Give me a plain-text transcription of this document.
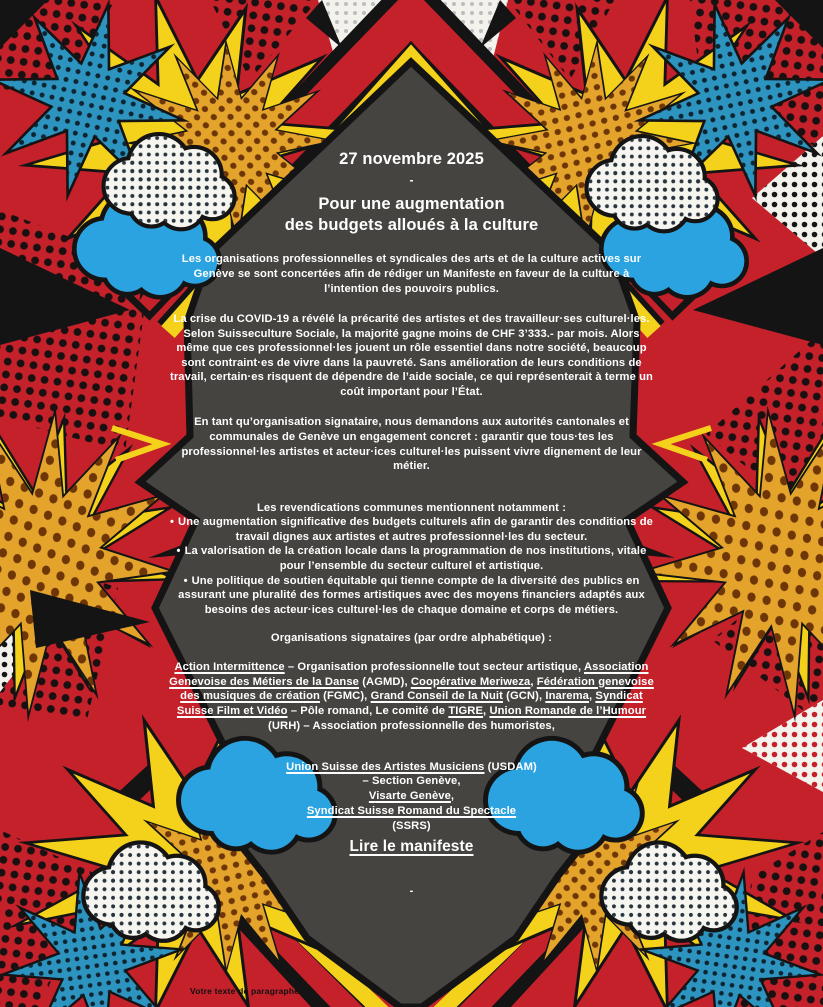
27 novembre 2025

-

Pour une augmentation
des budgets alloués à la culture

Les organisations professionnelles et syndicales des arts et de la culture actives sur Genève se sont concertées afin de rédiger un Manifeste en faveur de la culture à l’intention des pouvoirs publics.

La crise du COVID-19 a révélé la précarité des artistes et des travailleur·ses culturel·les. Selon Suisseculture Sociale, la majorité gagne moins de CHF 3’333.- par mois. Alors même que ces professionnel·les jouent un rôle essentiel dans notre société, beaucoup sont contraint·es de vivre dans la pauvreté. Sans amélioration de leurs conditions de travail, certain·es risquent de dépendre de l’aide sociale, ce qui représenterait à terme un coût important pour l’État.

En tant qu’organisation signataire, nous demandons aux autorités cantonales et communales de Genève un engagement concret : garantir que tous·tes les professionnel·les artistes et acteur·ices culturel·les puissent vivre dignement de leur métier.

Les revendications communes mentionnent notamment :

• Une augmentation significative des budgets culturels afin de garantir des conditions de travail dignes aux artistes et autres professionnel·les du secteur.
• La valorisation de la création locale dans la programmation de nos institutions, vitale pour l’ensemble du secteur culturel et artistique.
• Une politique de soutien équitable qui tienne compte de la diversité des publics en assurant une pluralité des formes artistiques avec des moyens financiers adaptés aux besoins des acteur·ices culturel·les de chaque domaine et corps de métiers.

Organisations signataires (par ordre alphabétique) :

Action Intermittence – Organisation professionnelle tout secteur artistique, Association Genevoise des Métiers de la Danse (AGMD), Coopérative Meriweza, Fédération genevoise des musiques de création (FGMC), Grand Conseil de la Nuit (GCN), Inarema, Syndicat Suisse Film et Vidéo – Pôle romand, Le comité de TIGRE, Union Romande de l’Humour (URH) – Association professionnelle des humoristes,

Union Suisse des Artistes Musiciens (USDAM)
– Section Genève,
Visarte Genève,
Syndicat Suisse Romand du Spectacle
(SSRS)
Lire le manifeste

-

Votre texte de paragraphe
